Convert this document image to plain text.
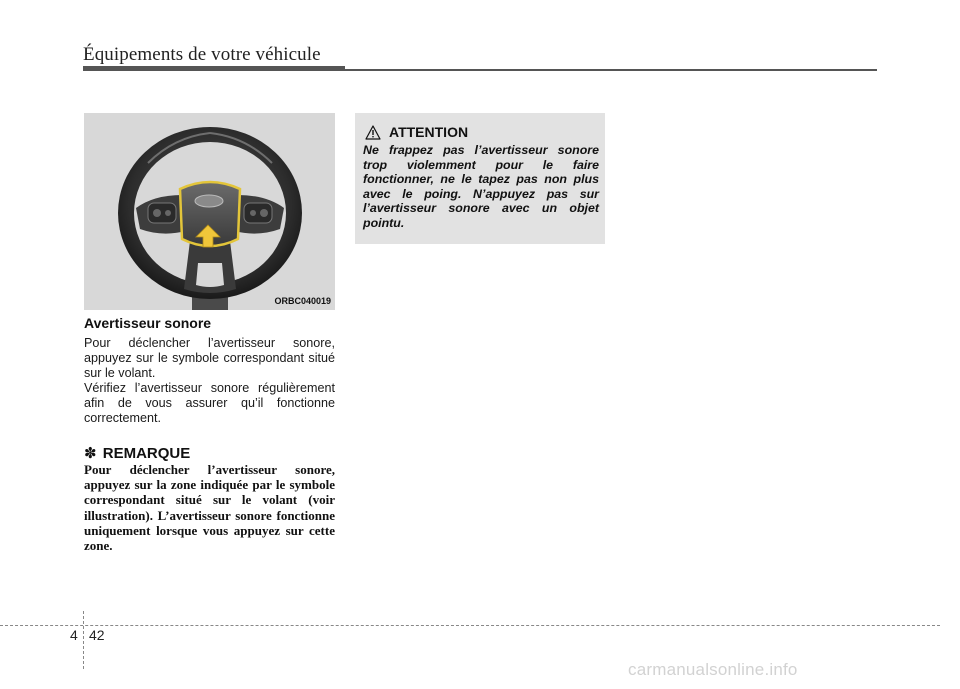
Équipements de votre véhicule
ORBC040019
Avertisseur sonore
Pour déclencher l’avertisseur sonore, appuyez sur le symbole correspondant situé sur le volant.
Vérifiez l’avertisseur sonore régulièrement afin de vous assurer qu’il fonctionne correctement.
✽ REMARQUE
Pour déclencher l’avertisseur sonore, appuyez sur la zone indiquée par le symbole correspondant situé sur le volant (voir illustration). L’avertisseur sonore fonctionne uniquement lorsque vous appuyez sur cette zone.
ATTENTION
Ne frappez pas l’avertisseur sonore trop violemment pour le faire fonctionner, ne le tapez pas non plus avec le poing. N’appuyez pas sur l’avertisseur sonore avec un objet pointu.
4 42
carmanualsonline.info
